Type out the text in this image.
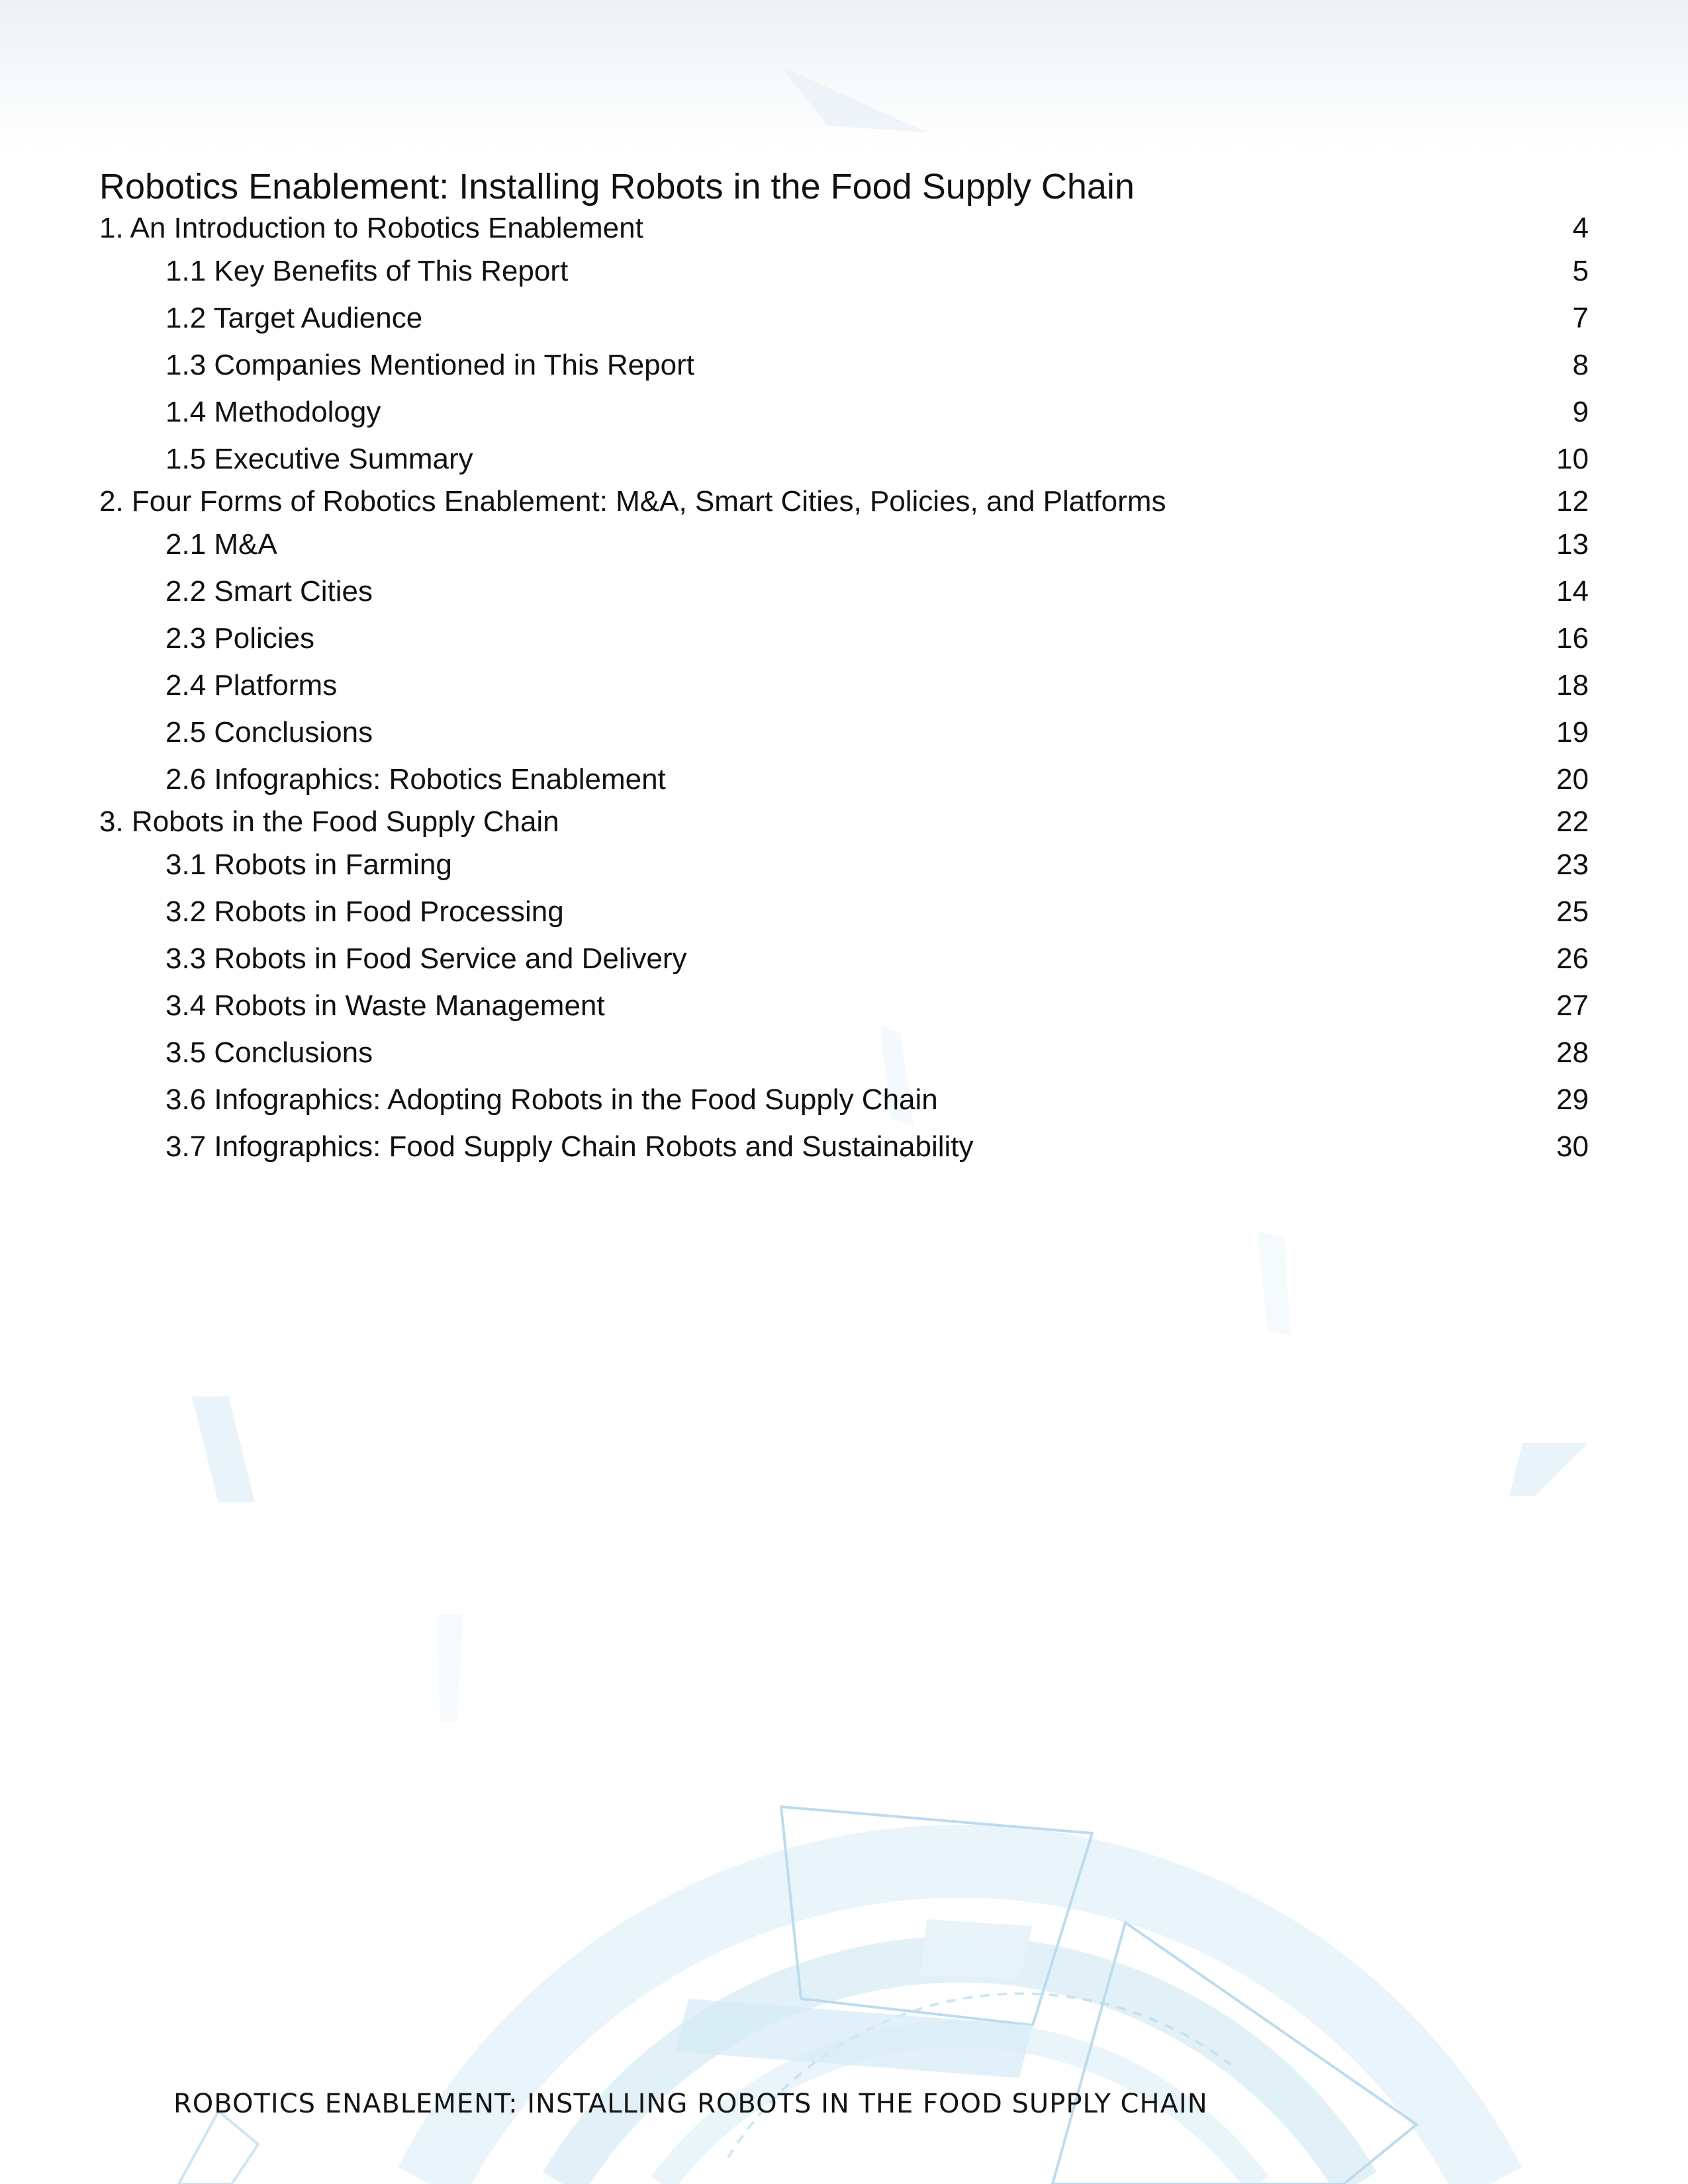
Robotics Enablement: Installing Robots in the Food Supply Chain
1. An Introduction to Robotics Enablement	4
1.1 Key Benefits of This Report	5
1.2 Target Audience	7
1.3 Companies Mentioned in This Report	8
1.4 Methodology	9
1.5 Executive Summary	10
2. Four Forms of Robotics Enablement: M&A, Smart Cities, Policies, and Platforms	12
2.1 M&A	13
2.2 Smart Cities	14
2.3 Policies	16
2.4 Platforms	18
2.5 Conclusions	19
2.6 Infographics: Robotics Enablement	20
3. Robots in the Food Supply Chain	22
3.1 Robots in Farming	23
3.2 Robots in Food Processing	25
3.3 Robots in Food Service and Delivery	26
3.4 Robots in Waste Management	27
3.5 Conclusions	28
3.6 Infographics: Adopting Robots in the Food Supply Chain	29
3.7 Infographics: Food Supply Chain Robots and Sustainability	30
ROBOTICS ENABLEMENT: INSTALLING ROBOTS IN THE FOOD SUPPLY CHAIN
